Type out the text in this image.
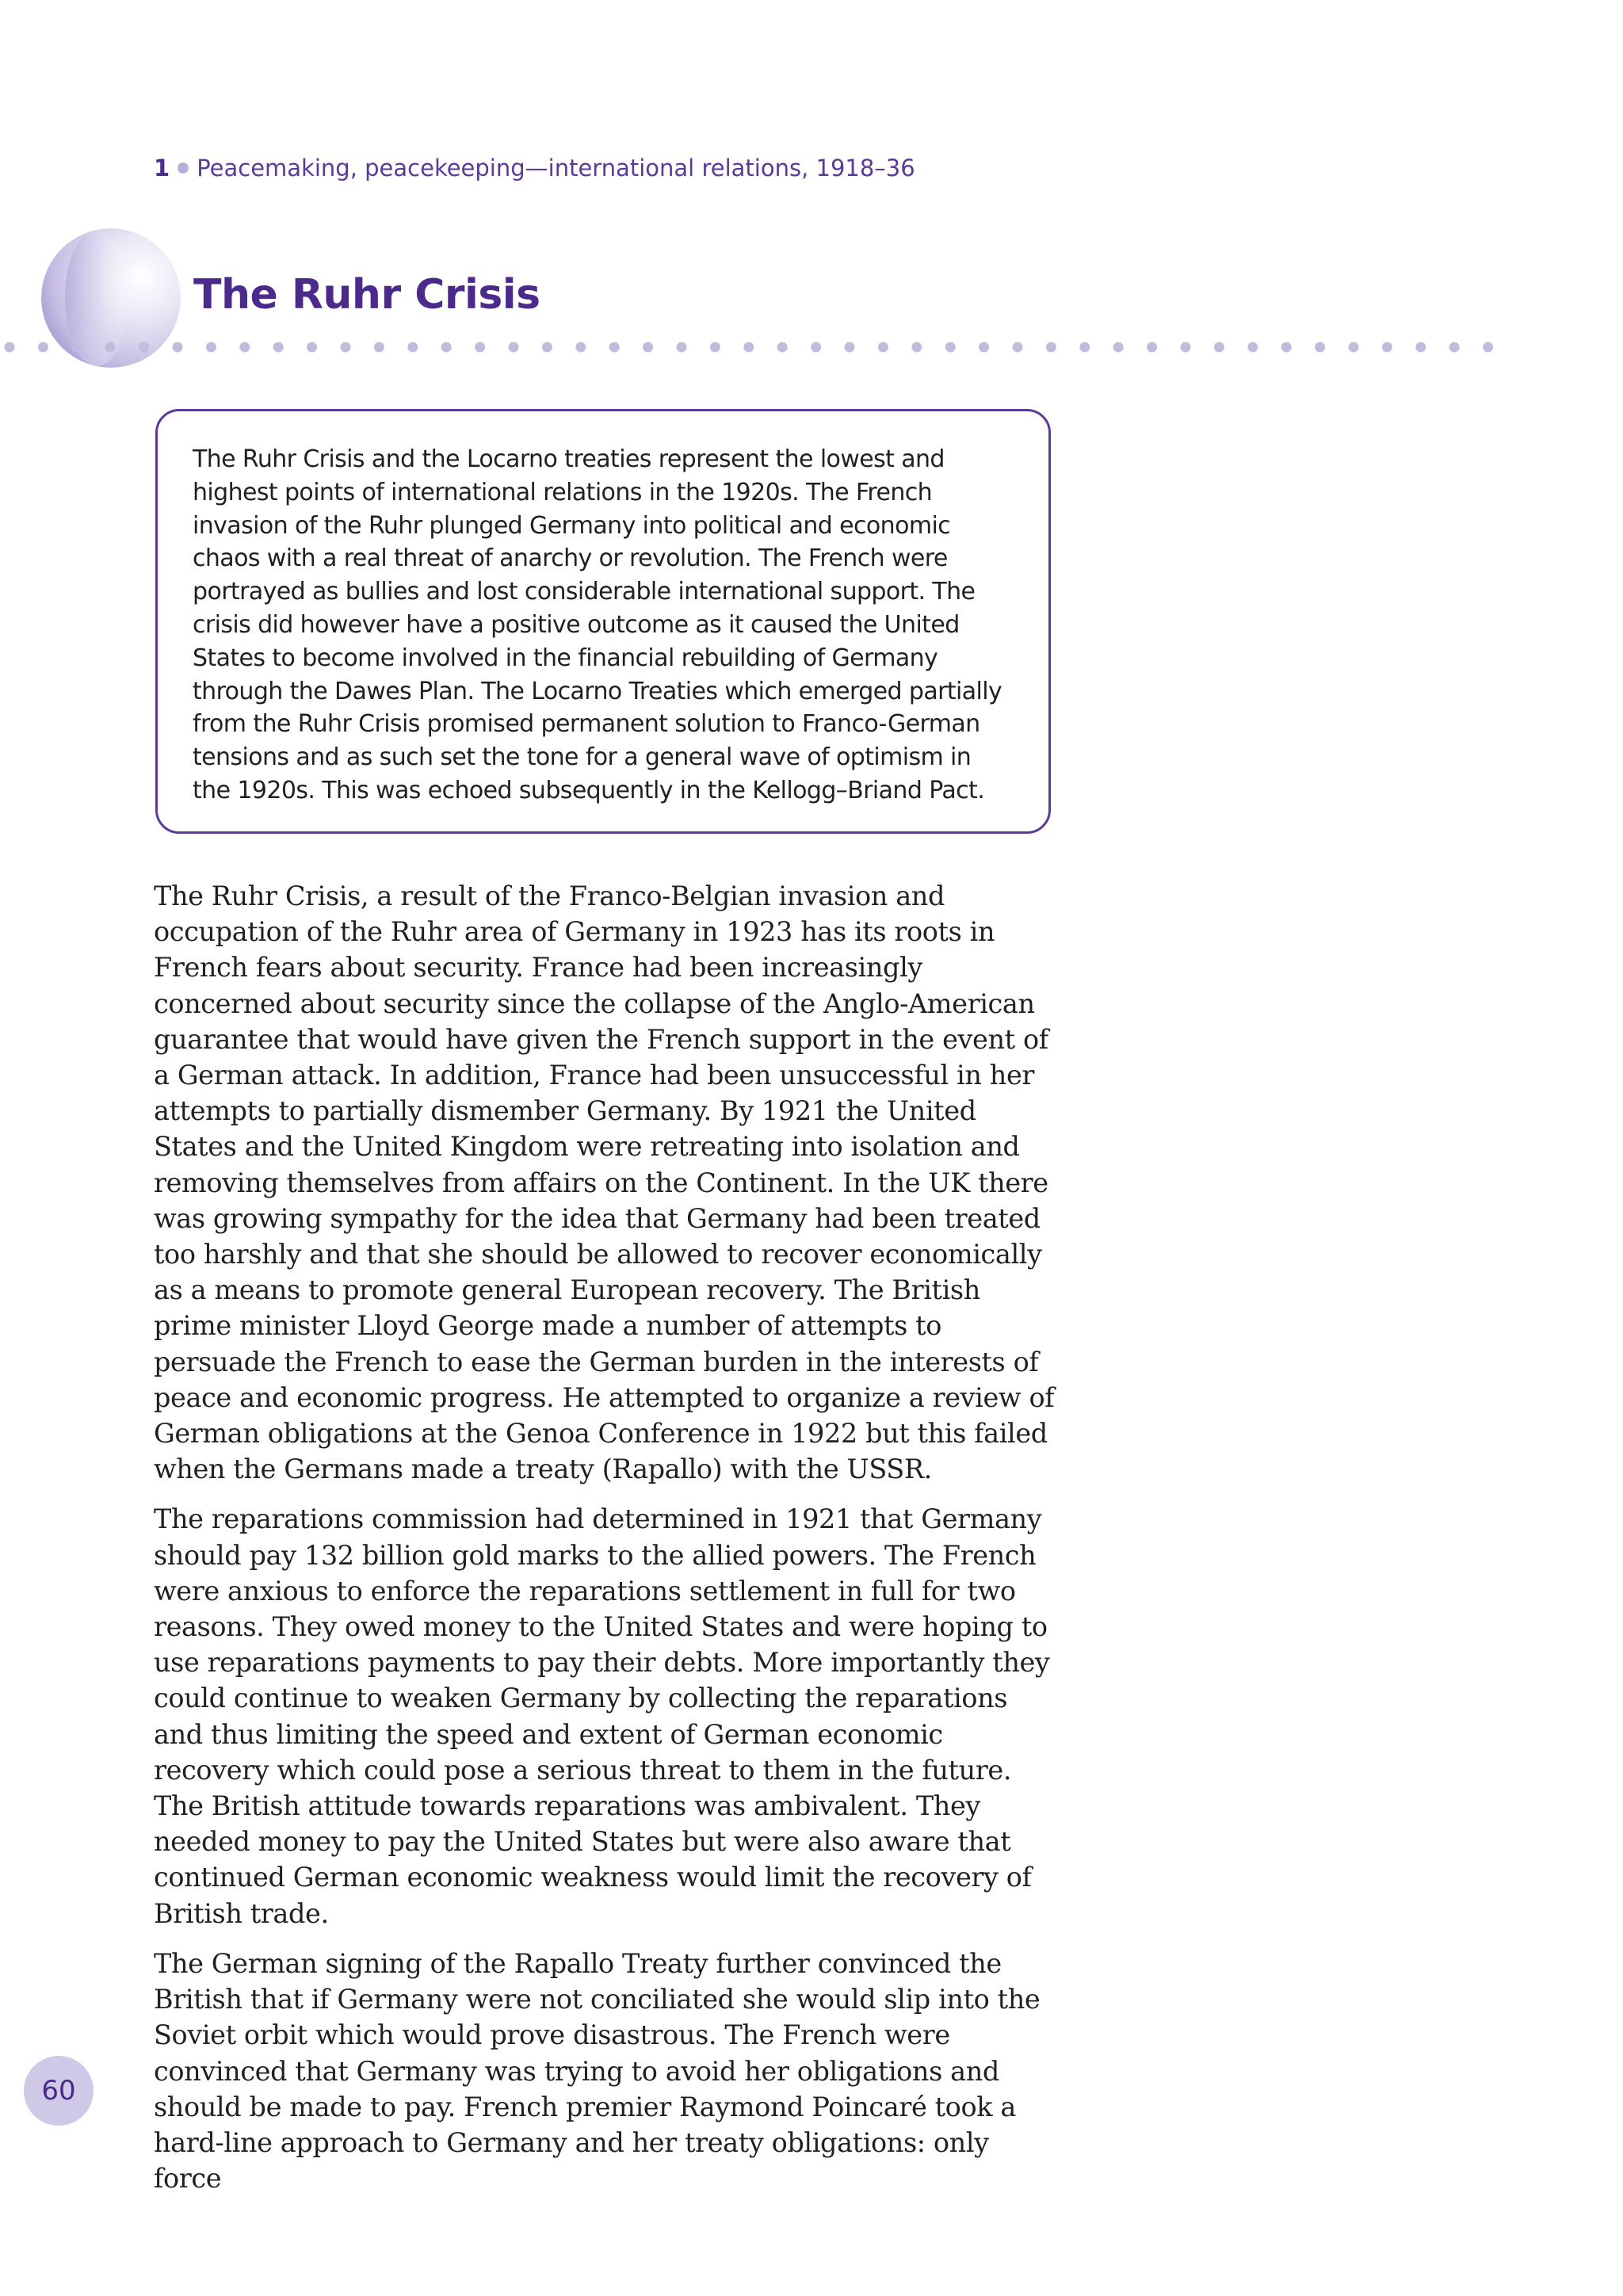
1 Peacemaking, peacekeeping—international relations, 1918–36
The Ruhr Crisis

The Ruhr Crisis and the Locarno treaties represent the lowest and highest points of international relations in the 1920s. The French invasion of the Ruhr plunged Germany into political and economic chaos with a real threat of anarchy or revolution. The French were portrayed as bullies and lost considerable international support. The crisis did however have a positive outcome as it caused the United States to become involved in the financial rebuilding of Germany through the Dawes Plan. The Locarno Treaties which emerged partially from the Ruhr Crisis promised permanent solution to Franco-German tensions and as such set the tone for a general wave of optimism in the 1920s. This was echoed subsequently in the Kellogg–Briand Pact.

The Ruhr Crisis, a result of the Franco-Belgian invasion and occupation of the Ruhr area of Germany in 1923 has its roots in French fears about security. France had been increasingly concerned about security since the collapse of the Anglo-American guarantee that would have given the French support in the event of a German attack. In addition, France had been unsuccessful in her attempts to partially dismember Germany. By 1921 the United States and the United Kingdom were retreating into isolation and removing themselves from affairs on the Continent. In the UK there was growing sympathy for the idea that Germany had been treated too harshly and that she should be allowed to recover economically as a means to promote general European recovery. The British prime minister Lloyd George made a number of attempts to persuade the French to ease the German burden in the interests of peace and economic progress. He attempted to organize a review of German obligations at the Genoa Conference in 1922 but this failed when the Germans made a treaty (Rapallo) with the USSR.

The reparations commission had determined in 1921 that Germany should pay 132 billion gold marks to the allied powers. The French were anxious to enforce the reparations settlement in full for two reasons. They owed money to the United States and were hoping to use reparations payments to pay their debts. More importantly they could continue to weaken Germany by collecting the reparations and thus limiting the speed and extent of German economic recovery which could pose a serious threat to them in the future. The British attitude towards reparations was ambivalent. They needed money to pay the United States but were also aware that continued German economic weakness would limit the recovery of British trade.

The German signing of the Rapallo Treaty further convinced the British that if Germany were not conciliated she would slip into the Soviet orbit which would prove disastrous. The French were convinced that Germany was trying to avoid her obligations and should be made to pay. French premier Raymond Poincaré took a hard-line approach to Germany and her treaty obligations: only force

60
